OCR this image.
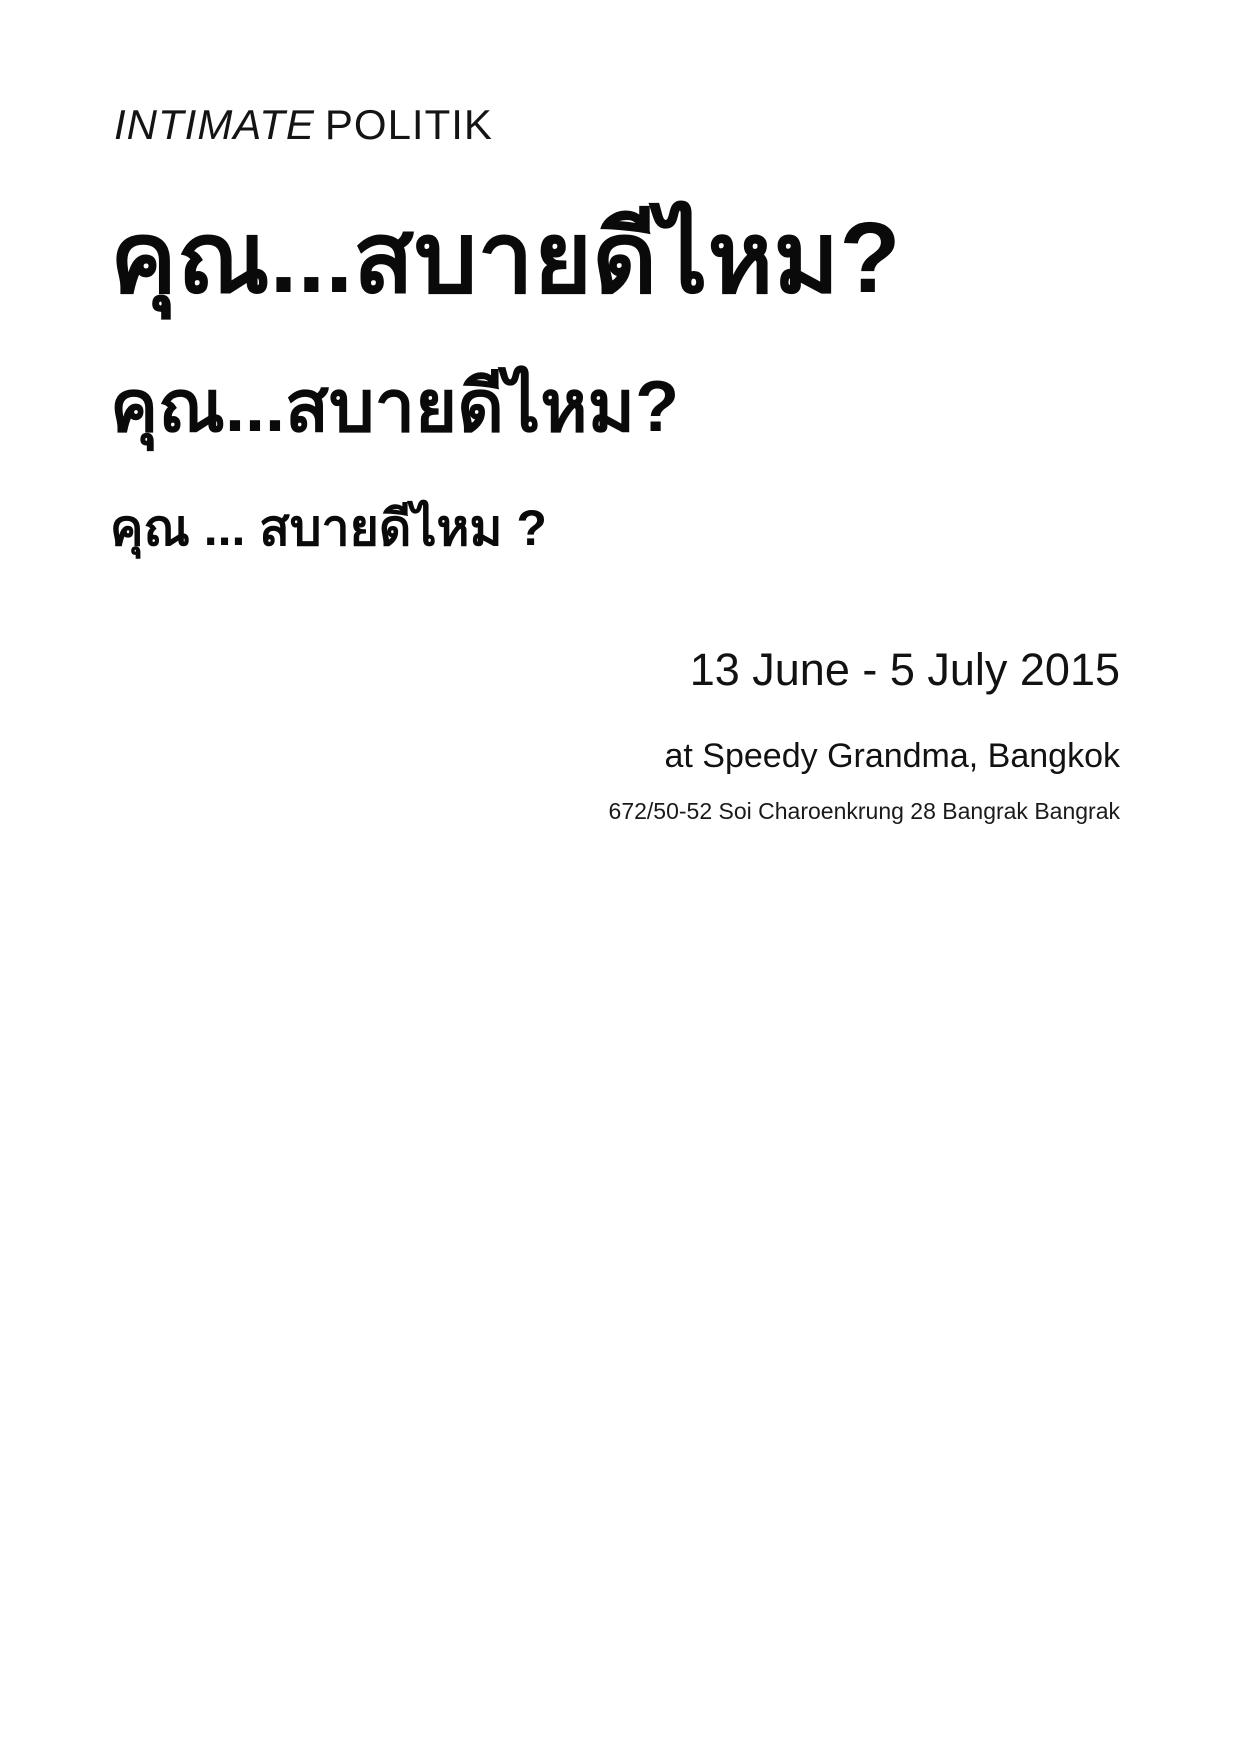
INTIMATE POLITIK
คุณ...สบายดีไหม?
คุณ...สบายดีไหม?
คุณ ... สบายดีไหม ?
13 June - 5 July 2015
at Speedy Grandma, Bangkok
672/50-52 Soi Charoenkrung 28 Bangrak Bangrak
